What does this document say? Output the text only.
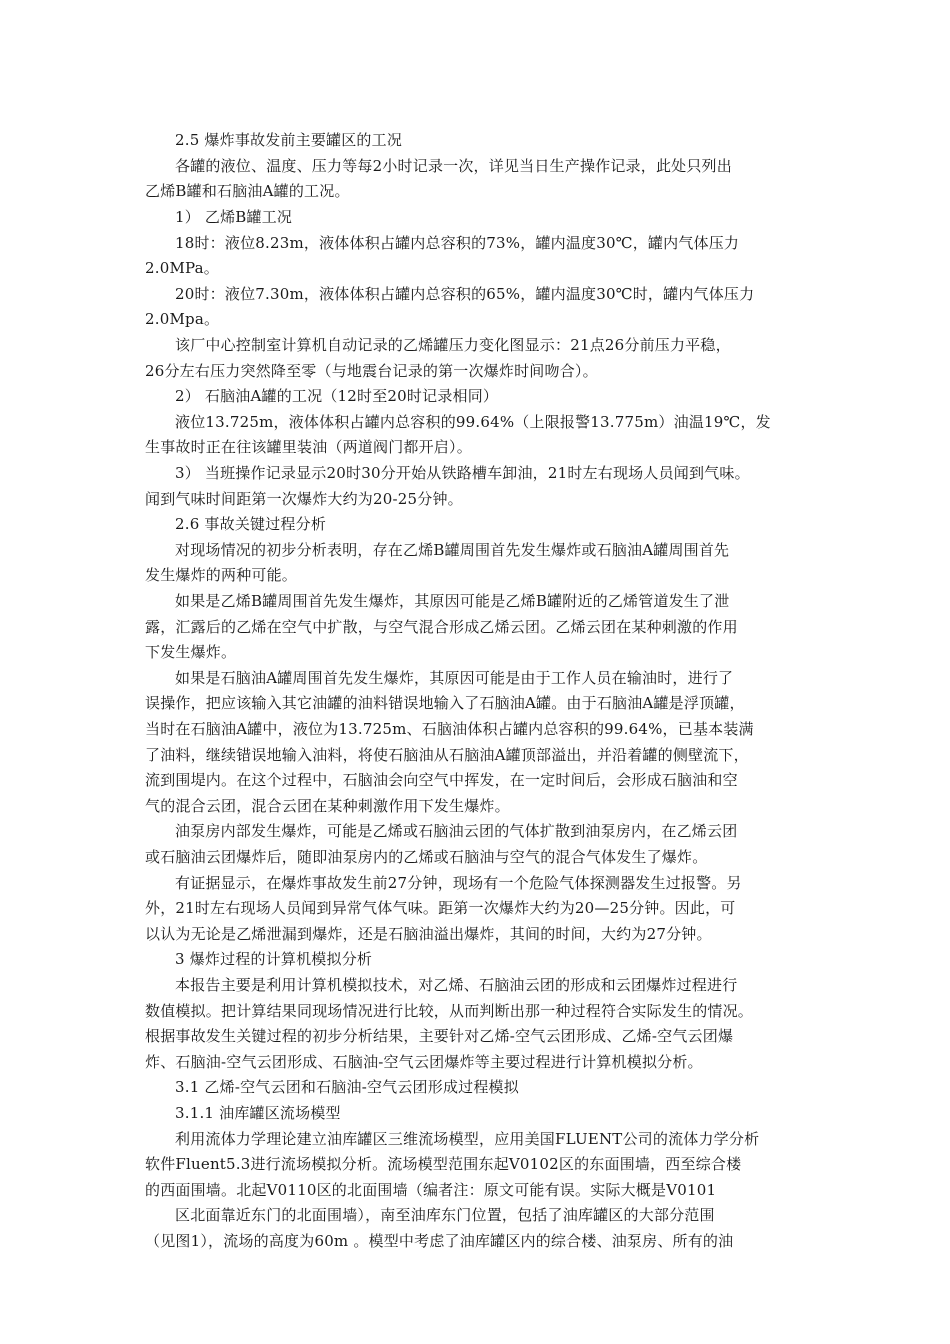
2.5 爆炸事故发前主要罐区的工况
各罐的液位、温度、压力等每2小时记录一次，详见当日生产操作记录，此处只列出
乙烯B罐和石脑油A罐的工况。
1） 乙烯B罐工况
18时：液位8.23m，液体体积占罐内总容积的73%，罐内温度30℃，罐内气体压力
2.0MPa。
20时：液位7.30m，液体体积占罐内总容积的65%，罐内温度30℃时，罐内气体压力
2.0Mpa。
该厂中心控制室计算机自动记录的乙烯罐压力变化图显示：21点26分前压力平稳，
26分左右压力突然降至零（与地震台记录的第一次爆炸时间吻合）。
2） 石脑油A罐的工况（12时至20时记录相同）
液位13.725m，液体体积占罐内总容积的99.64%（上限报警13.775m）油温19℃，发
生事故时正在往该罐里装油（两道阀门都开启）。
3） 当班操作记录显示20时30分开始从铁路槽车卸油，21时左右现场人员闻到气味。
闻到气味时间距第一次爆炸大约为20-25分钟。
2.6 事故关键过程分析
对现场情况的初步分析表明，存在乙烯B罐周围首先发生爆炸或石脑油A罐周围首先
发生爆炸的两种可能。
如果是乙烯B罐周围首先发生爆炸，其原因可能是乙烯B罐附近的乙烯管道发生了泄
露，汇露后的乙烯在空气中扩散，与空气混合形成乙烯云团。乙烯云团在某种刺激的作用
下发生爆炸。
如果是石脑油A罐周围首先发生爆炸，其原因可能是由于工作人员在输油时，进行了
误操作，把应该输入其它油罐的油料错误地输入了石脑油A罐。由于石脑油A罐是浮顶罐，
当时在石脑油A罐中，液位为13.725m、石脑油体积占罐内总容积的99.64%，已基本装满
了油料，继续错误地输入油料，将使石脑油从石脑油A罐顶部溢出，并沿着罐的侧壁流下，
流到围堤内。在这个过程中，石脑油会向空气中挥发，在一定时间后，会形成石脑油和空
气的混合云团，混合云团在某种刺激作用下发生爆炸。
油泵房内部发生爆炸，可能是乙烯或石脑油云团的气体扩散到油泵房内，在乙烯云团
或石脑油云团爆炸后，随即油泵房内的乙烯或石脑油与空气的混合气体发生了爆炸。
有证据显示，在爆炸事故发生前27分钟，现场有一个危险气体探测器发生过报警。另
外，21时左右现场人员闻到异常气体气味。距第一次爆炸大约为20—25分钟。因此，可
以认为无论是乙烯泄漏到爆炸，还是石脑油溢出爆炸，其间的时间，大约为27分钟。
3 爆炸过程的计算机模拟分析
本报告主要是利用计算机模拟技术，对乙烯、石脑油云团的形成和云团爆炸过程进行
数值模拟。把计算结果同现场情况进行比较，从而判断出那一种过程符合实际发生的情况。
根据事故发生关键过程的初步分析结果，主要针对乙烯-空气云团形成、乙烯-空气云团爆
炸、石脑油-空气云团形成、石脑油-空气云团爆炸等主要过程进行计算机模拟分析。
3.1 乙烯-空气云团和石脑油-空气云团形成过程模拟
3.1.1 油库罐区流场模型
利用流体力学理论建立油库罐区三维流场模型，应用美国FLUENT公司的流体力学分析
软件Fluent5.3进行流场模拟分析。流场模型范围东起V0102区的东面围墙，西至综合楼
的西面围墙。北起V0110区的北面围墙（编者注：原文可能有误。实际大概是V0101
区北面靠近东门的北面围墙），南至油库东门位置，包括了油库罐区的大部分范围
（见图1），流场的高度为60m 。模型中考虑了油库罐区内的综合楼、油泵房、所有的油
